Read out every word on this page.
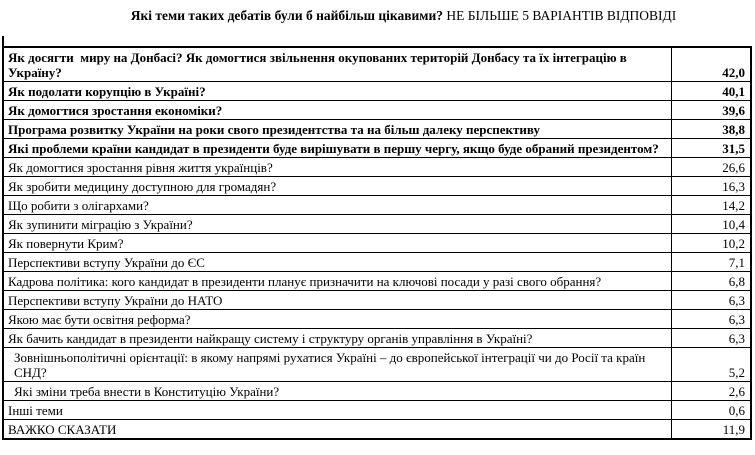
Які теми таких дебатів були б найбільш цікавими? НЕ БІЛЬШЕ 5 ВАРІАНТІВ ВІДПОВІДІ
Як досягти  миру на Донбасі? Як домогтися звільнення окупованих територій Донбасу та їх інтеграцію в Україну?	42,0
Як подолати корупцію в Україні?	40,1
Як домогтися зростання економіки?	39,6
Програма розвитку України на роки свого президентства та на більш далеку перспективу	38,8
Які проблеми країни кандидат в президенти буде вирішувати в першу чергу, якщо буде обраний президентом?	31,5
Як домогтися зростання рівня життя українців?	26,6
Як зробити медицину доступною для громадян?	16,3
Що робити з олігархами?	14,2
Як зупинити міграцію з України?	10,4
Як повернути Крим?	10,2
Перспективи вступу України до ЄС	7,1
Кадрова політика: кого кандидат в президенти планує призначити на ключові посади у разі свого обрання?	6,8
Перспективи вступу України до НАТО	6,3
Якою має бути освітня реформа?	6,3
Як бачить кандидат в президенти найкращу систему і структуру органів управління в Україні?	6,3
Зовнішньополітичні орієнтації: в якому напрямі рухатися Україні – до європейської інтеграції чи до Росії та країн СНД?	5,2
Які зміни треба внести в Конституцію України?	2,6
Інші теми	0,6
ВАЖКО СКАЗАТИ	11,9
